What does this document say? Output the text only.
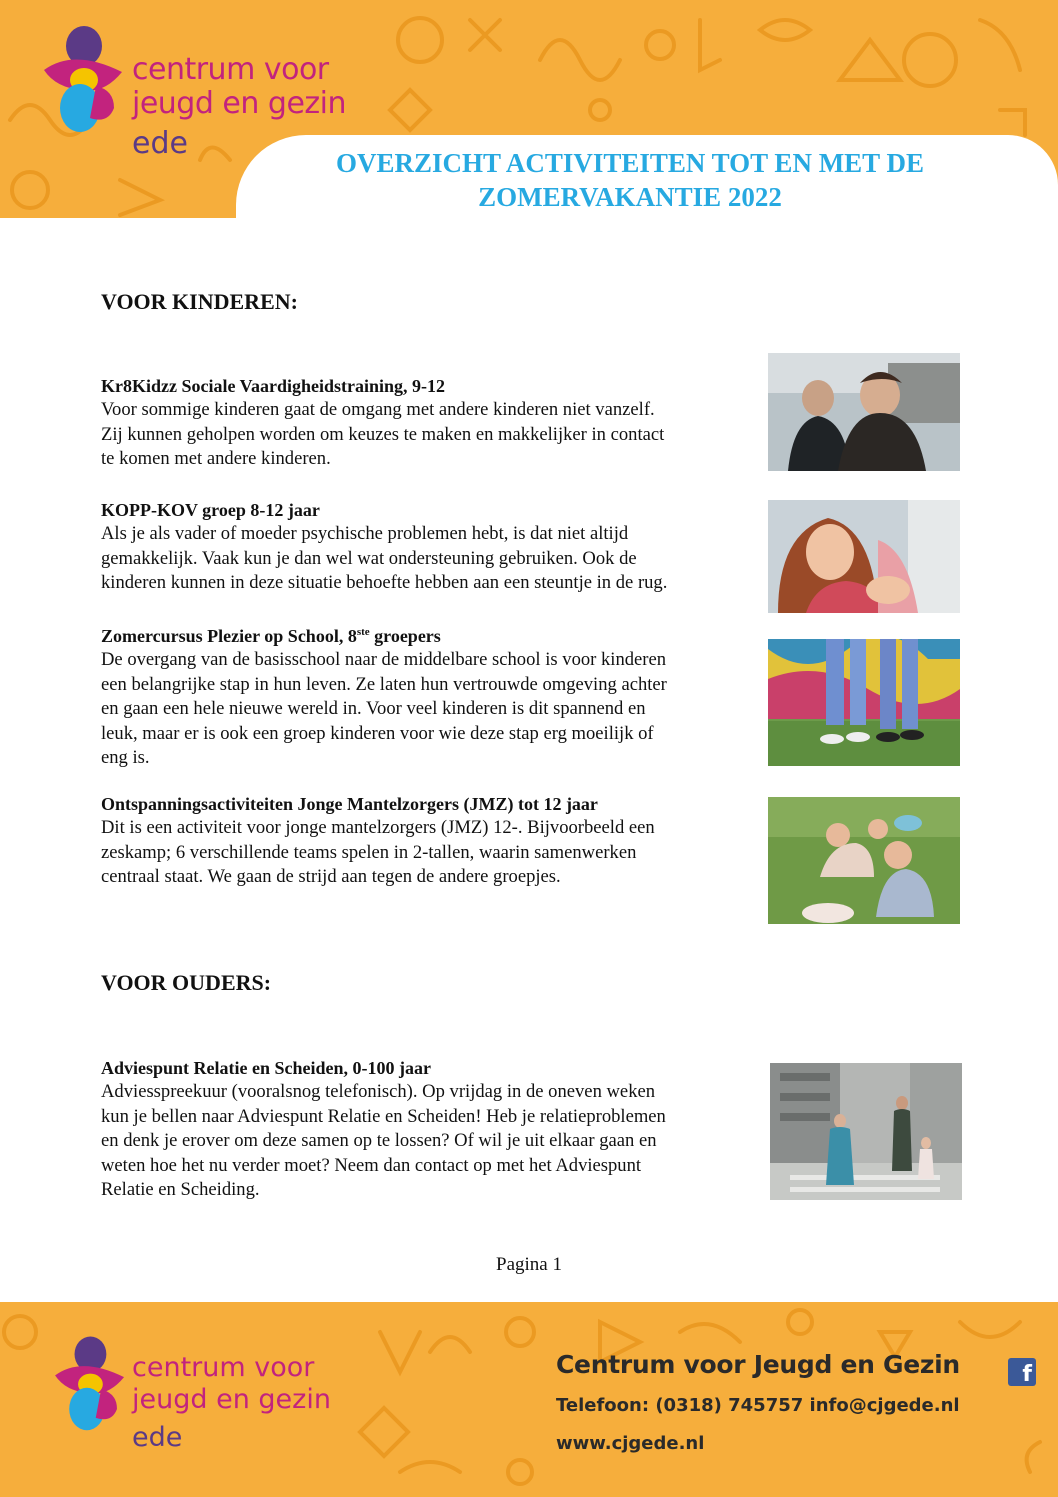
centrum voor
jeugd en gezin
ede
OVERZICHT ACTIVITEITEN TOT EN MET DE
ZOMERVAKANTIE 2022
VOOR KINDEREN:

Kr8Kidzz Sociale Vaardigheidstraining, 9-12

Voor sommige kinderen gaat de omgang met andere kinderen niet vanzelf.

Zij kunnen geholpen worden om keuzes te maken en makkelijker in contact

te komen met andere kinderen.

KOPP-KOV groep 8-12 jaar

Als je als vader of moeder psychische problemen hebt, is dat niet altijd

gemakkelijk. Vaak kun je dan wel wat ondersteuning gebruiken. Ook de

kinderen kunnen in deze situatie behoefte hebben aan een steuntje in de rug.

Zomercursus Plezier op School, 8ste groepers

De overgang van de basisschool naar de middelbare school is voor kinderen

een belangrijke stap in hun leven. Ze laten hun vertrouwde omgeving achter

en gaan een hele nieuwe wereld in. Voor veel kinderen is dit spannend en

leuk, maar er is ook een groep kinderen voor wie deze stap erg moeilijk of

eng is.

Ontspanningsactiviteiten Jonge Mantelzorgers (JMZ) tot 12 jaar

Dit is een activiteit voor jonge mantelzorgers (JMZ) 12-. Bijvoorbeeld een

zeskamp; 6 verschillende teams spelen in 2-tallen, waarin samenwerken

centraal staat. We gaan de strijd aan tegen de andere groepjes.

VOOR OUDERS:

Adviespunt Relatie en Scheiden, 0-100 jaar

Adviesspreekuur (vooralsnog telefonisch). Op vrijdag in de oneven weken

kun je bellen naar Adviespunt Relatie en Scheiden! Heb je relatieproblemen

en denk je erover om deze samen op te lossen? Of wil je uit elkaar gaan en

weten hoe het nu verder moet? Neem dan contact op met het Adviespunt

Relatie en Scheiding.

Pagina 1
centrum voor
jeugd en gezin
ede
Centrum voor Jeugd en Gezin
Telefoon: (0318) 745757 info@cjgede.nl
www.cjgede.nl
f
